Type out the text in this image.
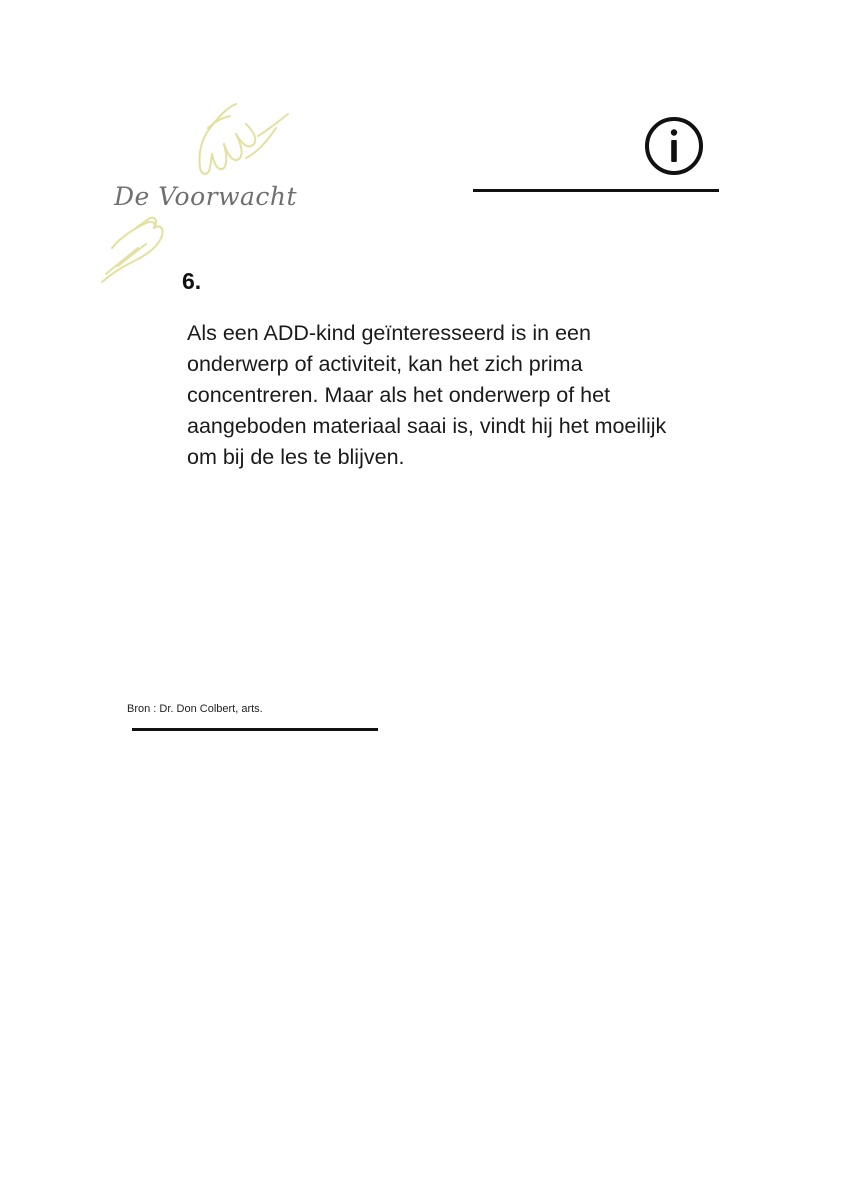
De Voorwacht
6.
Als een ADD-kind geïnteresseerd is in een
onderwerp of activiteit, kan het zich prima
concentreren. Maar als het onderwerp of het
aangeboden materiaal saai is, vindt hij het moeilijk
om bij de les te blijven.
Bron : Dr. Don Colbert, arts.
